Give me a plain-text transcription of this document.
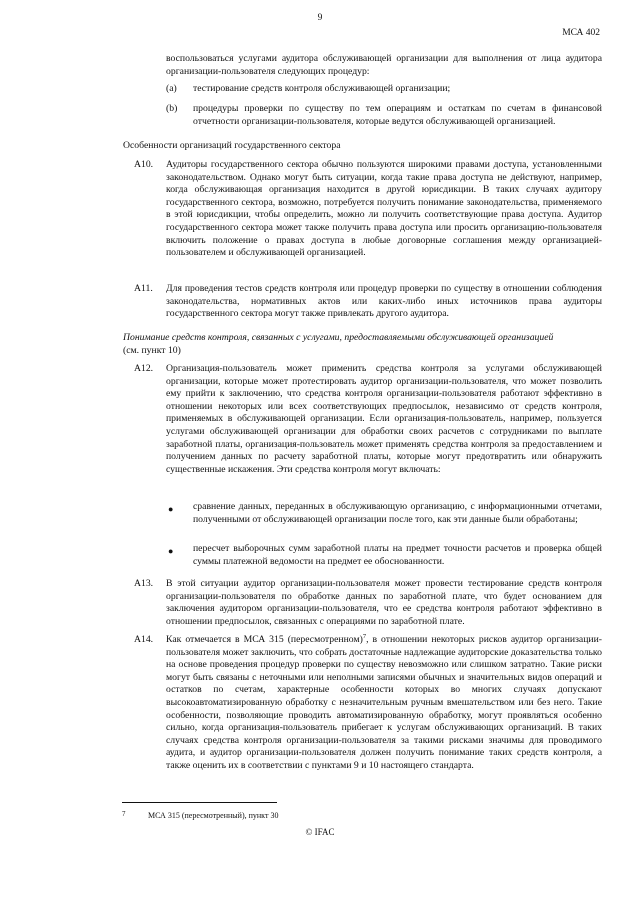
9
МСА 402
воспользоваться услугами аудитора обслуживающей организации для выполнения от лица аудитора организации-пользователя следующих процедур:
(a) тестирование средств контроля обслуживающей организации;
(b) процедуры проверки по существу по тем операциям и остаткам по счетам в финансовой отчетности организации-пользователя, которые ведутся обслуживающей организацией.
Особенности организаций государственного сектора
A10. Аудиторы государственного сектора обычно пользуются широкими правами доступа, установленными законодательством. Однако могут быть ситуации, когда такие права доступа не действуют, например, когда обслуживающая организация находится в другой юрисдикции. В таких случаях аудитору государственного сектора, возможно, потребуется получить понимание законодательства, применяемого в этой юрисдикции, чтобы определить, можно ли получить соответствующие права доступа. Аудитор государственного сектора может также получить права доступа или просить организацию-пользователя включить положение о правах доступа в любые договорные соглашения между организацией-пользователем и обслуживающей организацией.
A11. Для проведения тестов средств контроля или процедур проверки по существу в отношении соблюдения законодательства, нормативных актов или каких-либо иных источников права аудиторы государственного сектора могут также привлекать другого аудитора.
Понимание средств контроля, связанных с услугами, предоставляемыми обслуживающей организацией
(см. пункт 10)
A12. Организация-пользователь может применить средства контроля за услугами обслуживающей организации, которые может протестировать аудитор организации-пользователя, что может позволить ему прийти к заключению, что средства контроля организации-пользователя работают эффективно в отношении некоторых или всех соответствующих предпосылок, независимо от средств контроля, применяемых в обслуживающей организации. Если организация-пользователь, например, пользуется услугами обслуживающей организации для обработки своих расчетов с сотрудниками по выплате заработной платы, организация-пользователь может применять средства контроля за предоставлением и получением данных по расчету заработной платы, которые могут предотвратить или обнаружить существенные искажения. Эти средства контроля могут включать:
● сравнение данных, переданных в обслуживающую организацию, с информационными отчетами, полученными от обслуживающей организации после того, как эти данные были обработаны;
● пересчет выборочных сумм заработной платы на предмет точности расчетов и проверка общей суммы платежной ведомости на предмет ее обоснованности.
A13. В этой ситуации аудитор организации-пользователя может провести тестирование средств контроля организации-пользователя по обработке данных по заработной плате, что будет основанием для заключения аудитором организации-пользователя, что ее средства контроля работают эффективно в отношении предпосылок, связанных с операциями по заработной плате.
A14. Как отмечается в МСА 315 (пересмотренном)$^7$, в отношении некоторых рисков аудитор организации-пользователя может заключить, что собрать достаточные надлежащие аудиторские доказательства только на основе проведения процедур проверки по существу невозможно или слишком затратно. Такие риски могут быть связаны с неточными или неполными записями обычных и значительных видов операций и остатков по счетам, характерные особенности которых во многих случаях допускают высокоавтоматизированную обработку с незначительным ручным вмешательством или без него. Такие особенности, позволяющие проводить автоматизированную обработку, могут проявляться особенно сильно, когда организация-пользователь прибегает к услугам обслуживающих организаций. В таких случаях средства контроля организации-пользователя за такими рисками значимы для проводимого аудита, и аудитор организации-пользователя должен получить понимание таких средств контроля, а также оценить их в соответствии с пунктами 9 и 10 настоящего стандарта.
7	МСА 315 (пересмотренный), пункт 30
© IFAC
